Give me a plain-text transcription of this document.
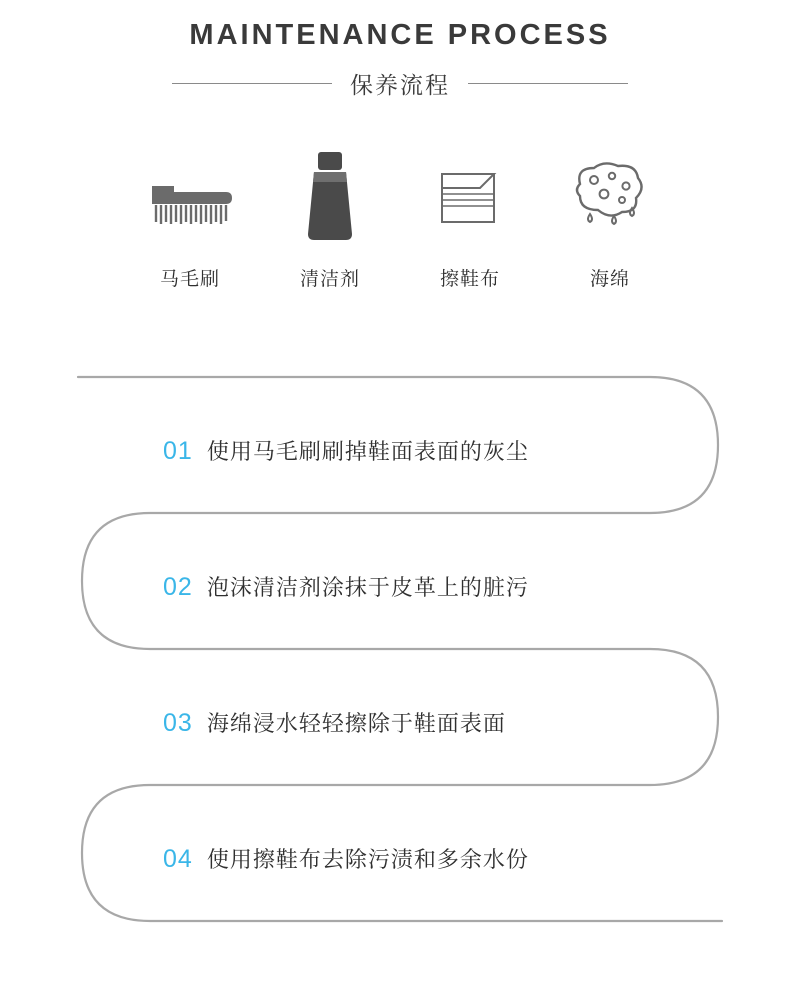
MAINTENANCE PROCESS
保养流程
马毛刷	清洁剂	擦鞋布	海绵
01 使用马毛刷刷掉鞋面表面的灰尘
02 泡沫清洁剂涂抹于皮革上的脏污
03 海绵浸水轻轻擦除于鞋面表面
04 使用擦鞋布去除污渍和多余水份
